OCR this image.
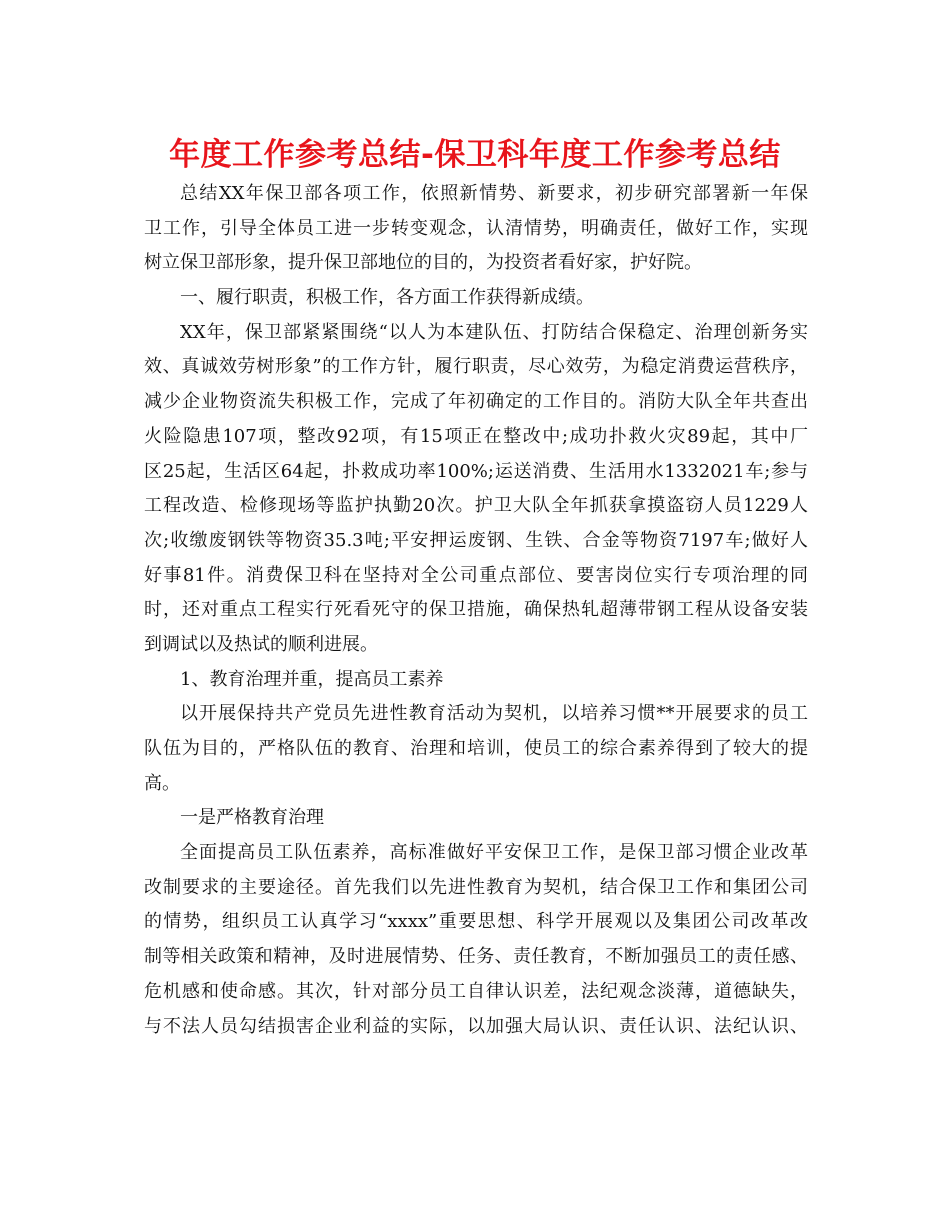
年度工作参考总结-保卫科年度工作参考总结
总结XX年保卫部各项工作，依照新情势、新要求，初步研究部署新一年保
卫工作，引导全体员工进一步转变观念，认清情势，明确责任，做好工作，实现
树立保卫部形象，提升保卫部地位的目的，为投资者看好家，护好院。
一、履行职责，积极工作，各方面工作获得新成绩。
XX年，保卫部紧紧围绕“以人为本建队伍、打防结合保稳定、治理创新务实
效、真诚效劳树形象”的工作方针，履行职责，尽心效劳，为稳定消费运营秩序，
减少企业物资流失积极工作，完成了年初确定的工作目的。消防大队全年共查出
火险隐患107项，整改92项，有15项正在整改中;成功扑救火灾89起，其中厂
区25起，生活区64起，扑救成功率100%;运送消费、生活用水1332021车;参与
工程改造、检修现场等监护执勤20次。护卫大队全年抓获拿摸盗窃人员1229人
次;收缴废钢铁等物资35.3吨;平安押运废钢、生铁、合金等物资7197车;做好人
好事81件。消费保卫科在坚持对全公司重点部位、要害岗位实行专项治理的同
时，还对重点工程实行死看死守的保卫措施，确保热轧超薄带钢工程从设备安装
到调试以及热试的顺利进展。
1、教育治理并重，提高员工素养
以开展保持共产党员先进性教育活动为契机，以培养习惯**开展要求的员工
队伍为目的，严格队伍的教育、治理和培训，使员工的综合素养得到了较大的提
高。
一是严格教育治理
全面提高员工队伍素养，高标准做好平安保卫工作，是保卫部习惯企业改革
改制要求的主要途径。首先我们以先进性教育为契机，结合保卫工作和集团公司
的情势，组织员工认真学习“xxxx”重要思想、科学开展观以及集团公司改革改
制等相关政策和精神，及时进展情势、任务、责任教育，不断加强员工的责任感、
危机感和使命感。其次，针对部分员工自律认识差，法纪观念淡薄，道德缺失，
与不法人员勾结损害企业利益的实际，以加强大局认识、责任认识、法纪认识、
